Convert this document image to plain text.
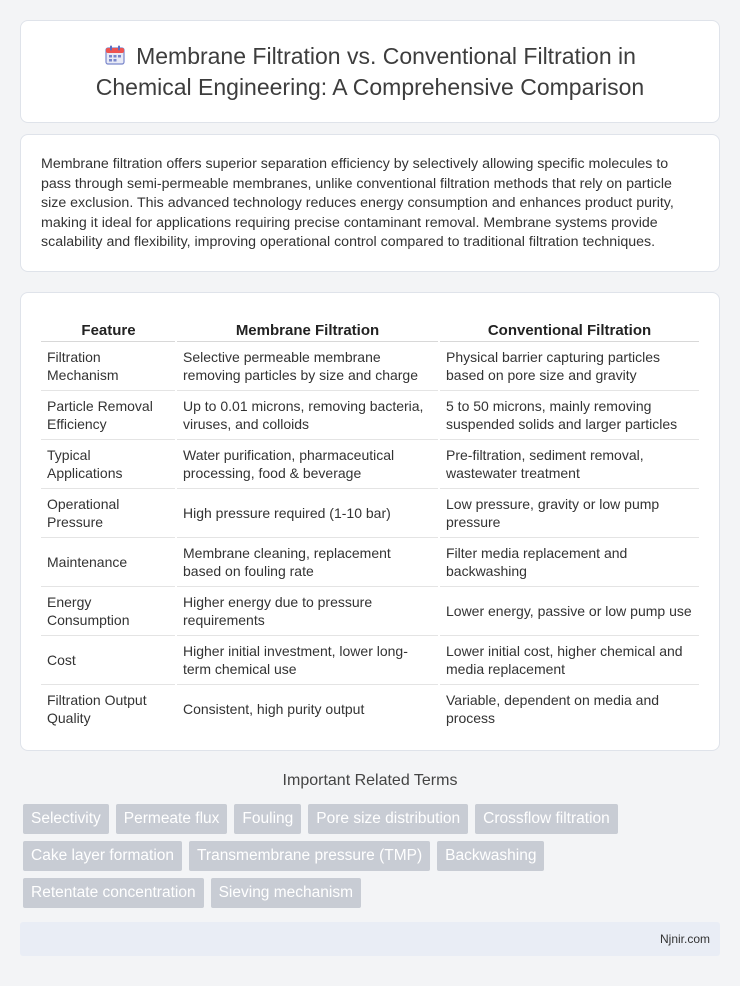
Membrane Filtration vs. Conventional Filtration in Chemical Engineering: A Comprehensive Comparison

Membrane filtration offers superior separation efficiency by selectively allowing specific molecules to pass through semi-permeable membranes, unlike conventional filtration methods that rely on particle size exclusion. This advanced technology reduces energy consumption and enhances product purity, making it ideal for applications requiring precise contaminant removal. Membrane systems provide scalability and flexibility, improving operational control compared to traditional filtration techniques.

Feature	Membrane Filtration	Conventional Filtration
Filtration Mechanism	Selective permeable membrane removing particles by size and charge	Physical barrier capturing particles based on pore size and gravity
Particle Removal Efficiency	Up to 0.01 microns, removing bacteria, viruses, and colloids	5 to 50 microns, mainly removing suspended solids and larger particles
Typical Applications	Water purification, pharmaceutical processing, food & beverage	Pre-filtration, sediment removal, wastewater treatment
Operational Pressure	High pressure required (1-10 bar)	Low pressure, gravity or low pump pressure
Maintenance	Membrane cleaning, replacement based on fouling rate	Filter media replacement and backwashing
Energy Consumption	Higher energy due to pressure requirements	Lower energy, passive or low pump use
Cost	Higher initial investment, lower long-term chemical use	Lower initial cost, higher chemical and media replacement
Filtration Output Quality	Consistent, high purity output	Variable, dependent on media and process
Important Related Terms
Selectivity	Permeate flux	Fouling	Pore size distribution	Crossflow filtration
Cake layer formation	Transmembrane pressure (TMP)	Backwashing
Retentate concentration	Sieving mechanism
Njnir.com
